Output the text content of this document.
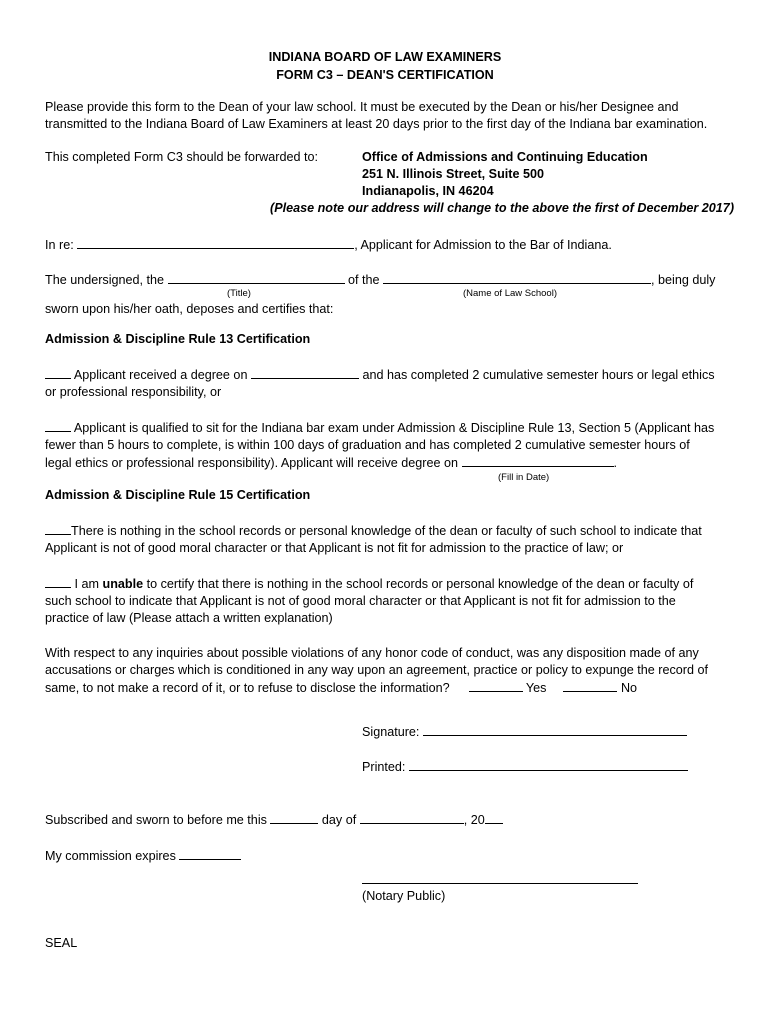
INDIANA BOARD OF LAW EXAMINERS
FORM C3 – DEAN'S CERTIFICATION
Please provide this form to the Dean of your law school. It must be executed by the Dean or his/her Designee and
transmitted to the Indiana Board of Law Examiners at least 20 days prior to the first day of the Indiana bar examination.
This completed Form C3 should be forwarded to:	Office of Admissions and Continuing Education
251 N. Illinois Street, Suite 500
Indianapolis, IN 46204
(Please note our address will change to the above the first of December 2017)
In re:	, Applicant for Admission to the Bar of Indiana.
The undersigned, the	of the	, being duly
(Title)	(Name of Law School)
sworn upon his/her oath, deposes and certifies that:
Admission & Discipline Rule 13 Certification
Applicant received a degree on	and has completed 2 cumulative semester hours or legal ethics
or professional responsibility, or
Applicant is qualified to sit for the Indiana bar exam under Admission & Discipline Rule 13, Section 5 (Applicant has
fewer than 5 hours to complete, is within 100 days of graduation and has completed 2 cumulative semester hours of
legal ethics or professional responsibility). Applicant will receive degree on	.
(Fill in Date)
Admission & Discipline Rule 15 Certification
There is nothing in the school records or personal knowledge of the dean or faculty of such school to indicate that
Applicant is not of good moral character or that Applicant is not fit for admission to the practice of law; or
I am unable to certify that there is nothing in the school records or personal knowledge of the dean or faculty of
such school to indicate that Applicant is not of good moral character or that Applicant is not fit for admission to the
practice of law (Please attach a written explanation)
With respect to any inquiries about possible violations of any honor code of conduct, was any disposition made of any
accusations or charges which is conditioned in any way upon an agreement, practice or policy to expunge the record of
same, to not make a record of it, or to refuse to disclose the information?	Yes	No
Signature:
Printed:
Subscribed and sworn to before me this	day of	, 20
My commission expires
(Notary Public)
SEAL
